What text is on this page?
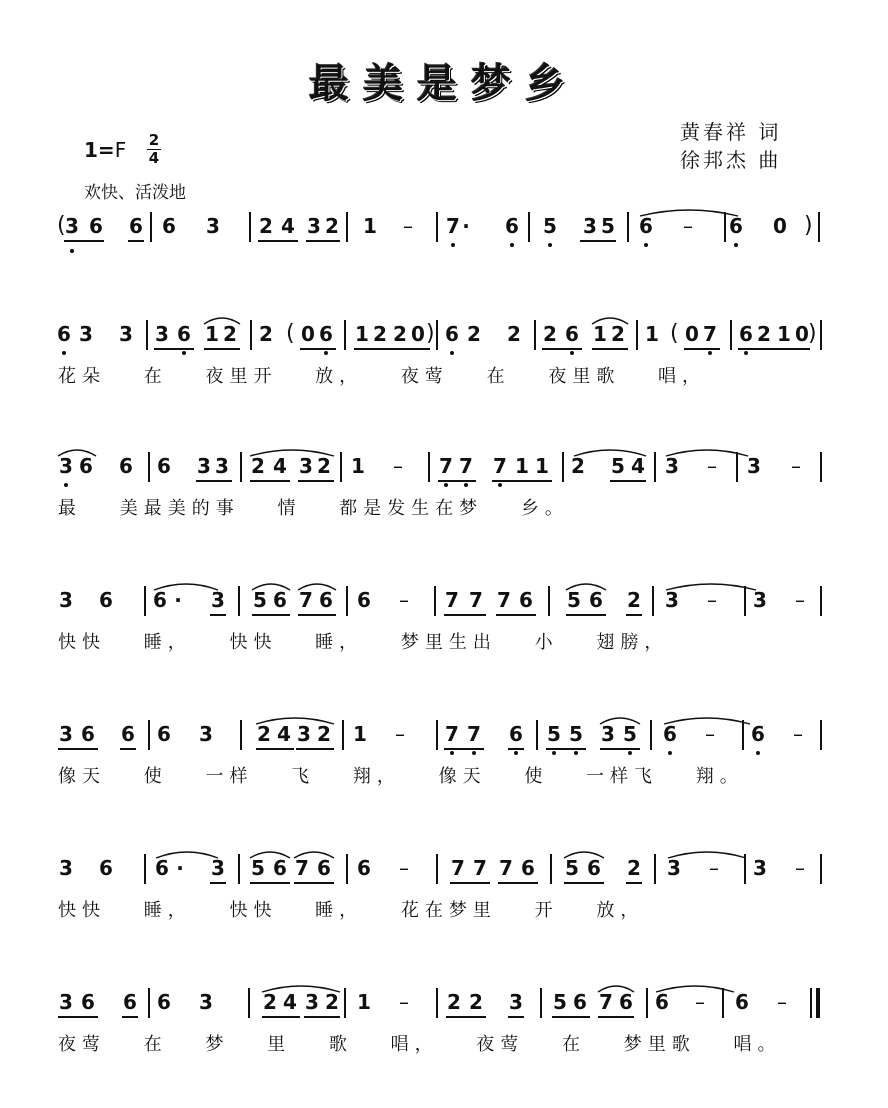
最美是梦乡
黄春祥 词
徐邦杰 曲
1=F 2
4
欢快、活泼地
( 3 6 6 6 3 2 4 3 2 1 – 7 · 6 5 3 5 6 – 6 0 )
6 3 3 3 6 1 2 2 ( 0 6 1 2 2 0 ) 6 2 2 2 6 1 2 1 ( 0 7 6 2 1 0 )
花朵 在 夜里开 放， 夜莺 在 夜里歌 唱，
3 6 6 6 3 3 2 4 3 2 1 – 7 7 7 1 1 2 5 4 3 – 3 –
最 美最美的事 情 都是发生在梦 乡。
3 6 6 · 3 5 6 7 6 6 – 7 7 7 6 5 6 2 3 – 3 –
快快 睡， 快快 睡， 梦里生出 小 翅膀，
3 6 6 6 3 2 4 3 2 1 – 7 7 6 5 5 3 5 6 – 6 –
像天 使 一样 飞 翔， 像天 使 一样飞 翔。
3 6 6 · 3 5 6 7 6 6 – 7 7 7 6 5 6 2 3 – 3 –
快快 睡， 快快 睡， 花在梦里 开 放，
3 6 6 6 3	2 4 3 2 1 – 2 2 3 5 6 7 6 6 – 6 –
夜莺 在 梦 里 歌 唱， 夜莺 在 梦里歌 唱。
